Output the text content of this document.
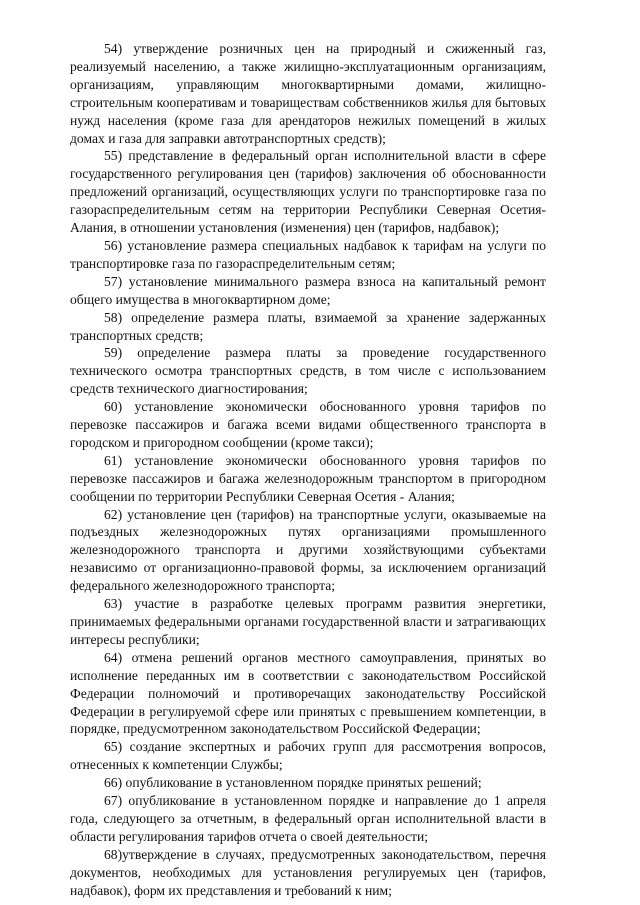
54) утверждение розничных цен на природный и сжиженный газ, реализуемый населению, а также жилищно-эксплуатационным организациям, организациям, управляющим многоквартирными домами, жилищно-строительным кооперативам и товариществам собственников жилья для бытовых нужд населения (кроме газа для арендаторов нежилых помещений в жилых домах и газа для заправки автотранспортных средств);

55) представление в федеральный орган исполнительной власти в сфере государственного регулирования цен (тарифов) заключения об обоснованности предложений организаций, осуществляющих услуги по транспортировке газа по газораспределительным сетям на территории Республики Северная Осетия-Алания, в отношении установления (изменения) цен (тарифов, надбавок);

56) установление размера специальных надбавок к тарифам на услуги по транспортировке газа по газораспределительным сетям;

57) установление минимального размера взноса на капитальный ремонт общего имущества в многоквартирном доме;

58) определение размера платы, взимаемой за хранение задержанных транспортных средств;

59) определение размера платы за проведение государственного технического осмотра транспортных средств, в том числе с использованием средств технического диагностирования;

60) установление экономически обоснованного уровня тарифов по перевозке пассажиров и багажа всеми видами общественного транспорта в городском и пригородном сообщении (кроме такси);

61) установление экономически обоснованного уровня тарифов по перевозке пассажиров и багажа железнодорожным транспортом в пригородном сообщении по территории Республики Северная Осетия - Алания;

62) установление цен (тарифов) на транспортные услуги, оказываемые на подъездных железнодорожных путях организациями промышленного железнодорожного транспорта и другими хозяйствующими субъектами независимо от организационно-правовой формы, за исключением организаций федерального железнодорожного транспорта;

63) участие в разработке целевых программ развития энергетики, принимаемых федеральными органами государственной власти и затрагивающих интересы республики;

64) отмена решений органов местного самоуправления, принятых во исполнение переданных им в соответствии с законодательством Российской Федерации полномочий и противоречащих законодательству Российской Федерации в регулируемой сфере или принятых с превышением компетенции, в порядке, предусмотренном законодательством Российской Федерации;

65) создание экспертных и рабочих групп для рассмотрения вопросов, отнесенных к компетенции Службы;

66) опубликование в установленном порядке принятых решений;

67) опубликование в установленном порядке и направление до 1 апреля года, следующего за отчетным, в федеральный орган исполнительной власти в области регулирования тарифов отчета о своей деятельности;

68)утверждение в случаях, предусмотренных законодательством, перечня документов, необходимых для установления регулируемых цен (тарифов, надбавок), форм их представления и требований к ним;
